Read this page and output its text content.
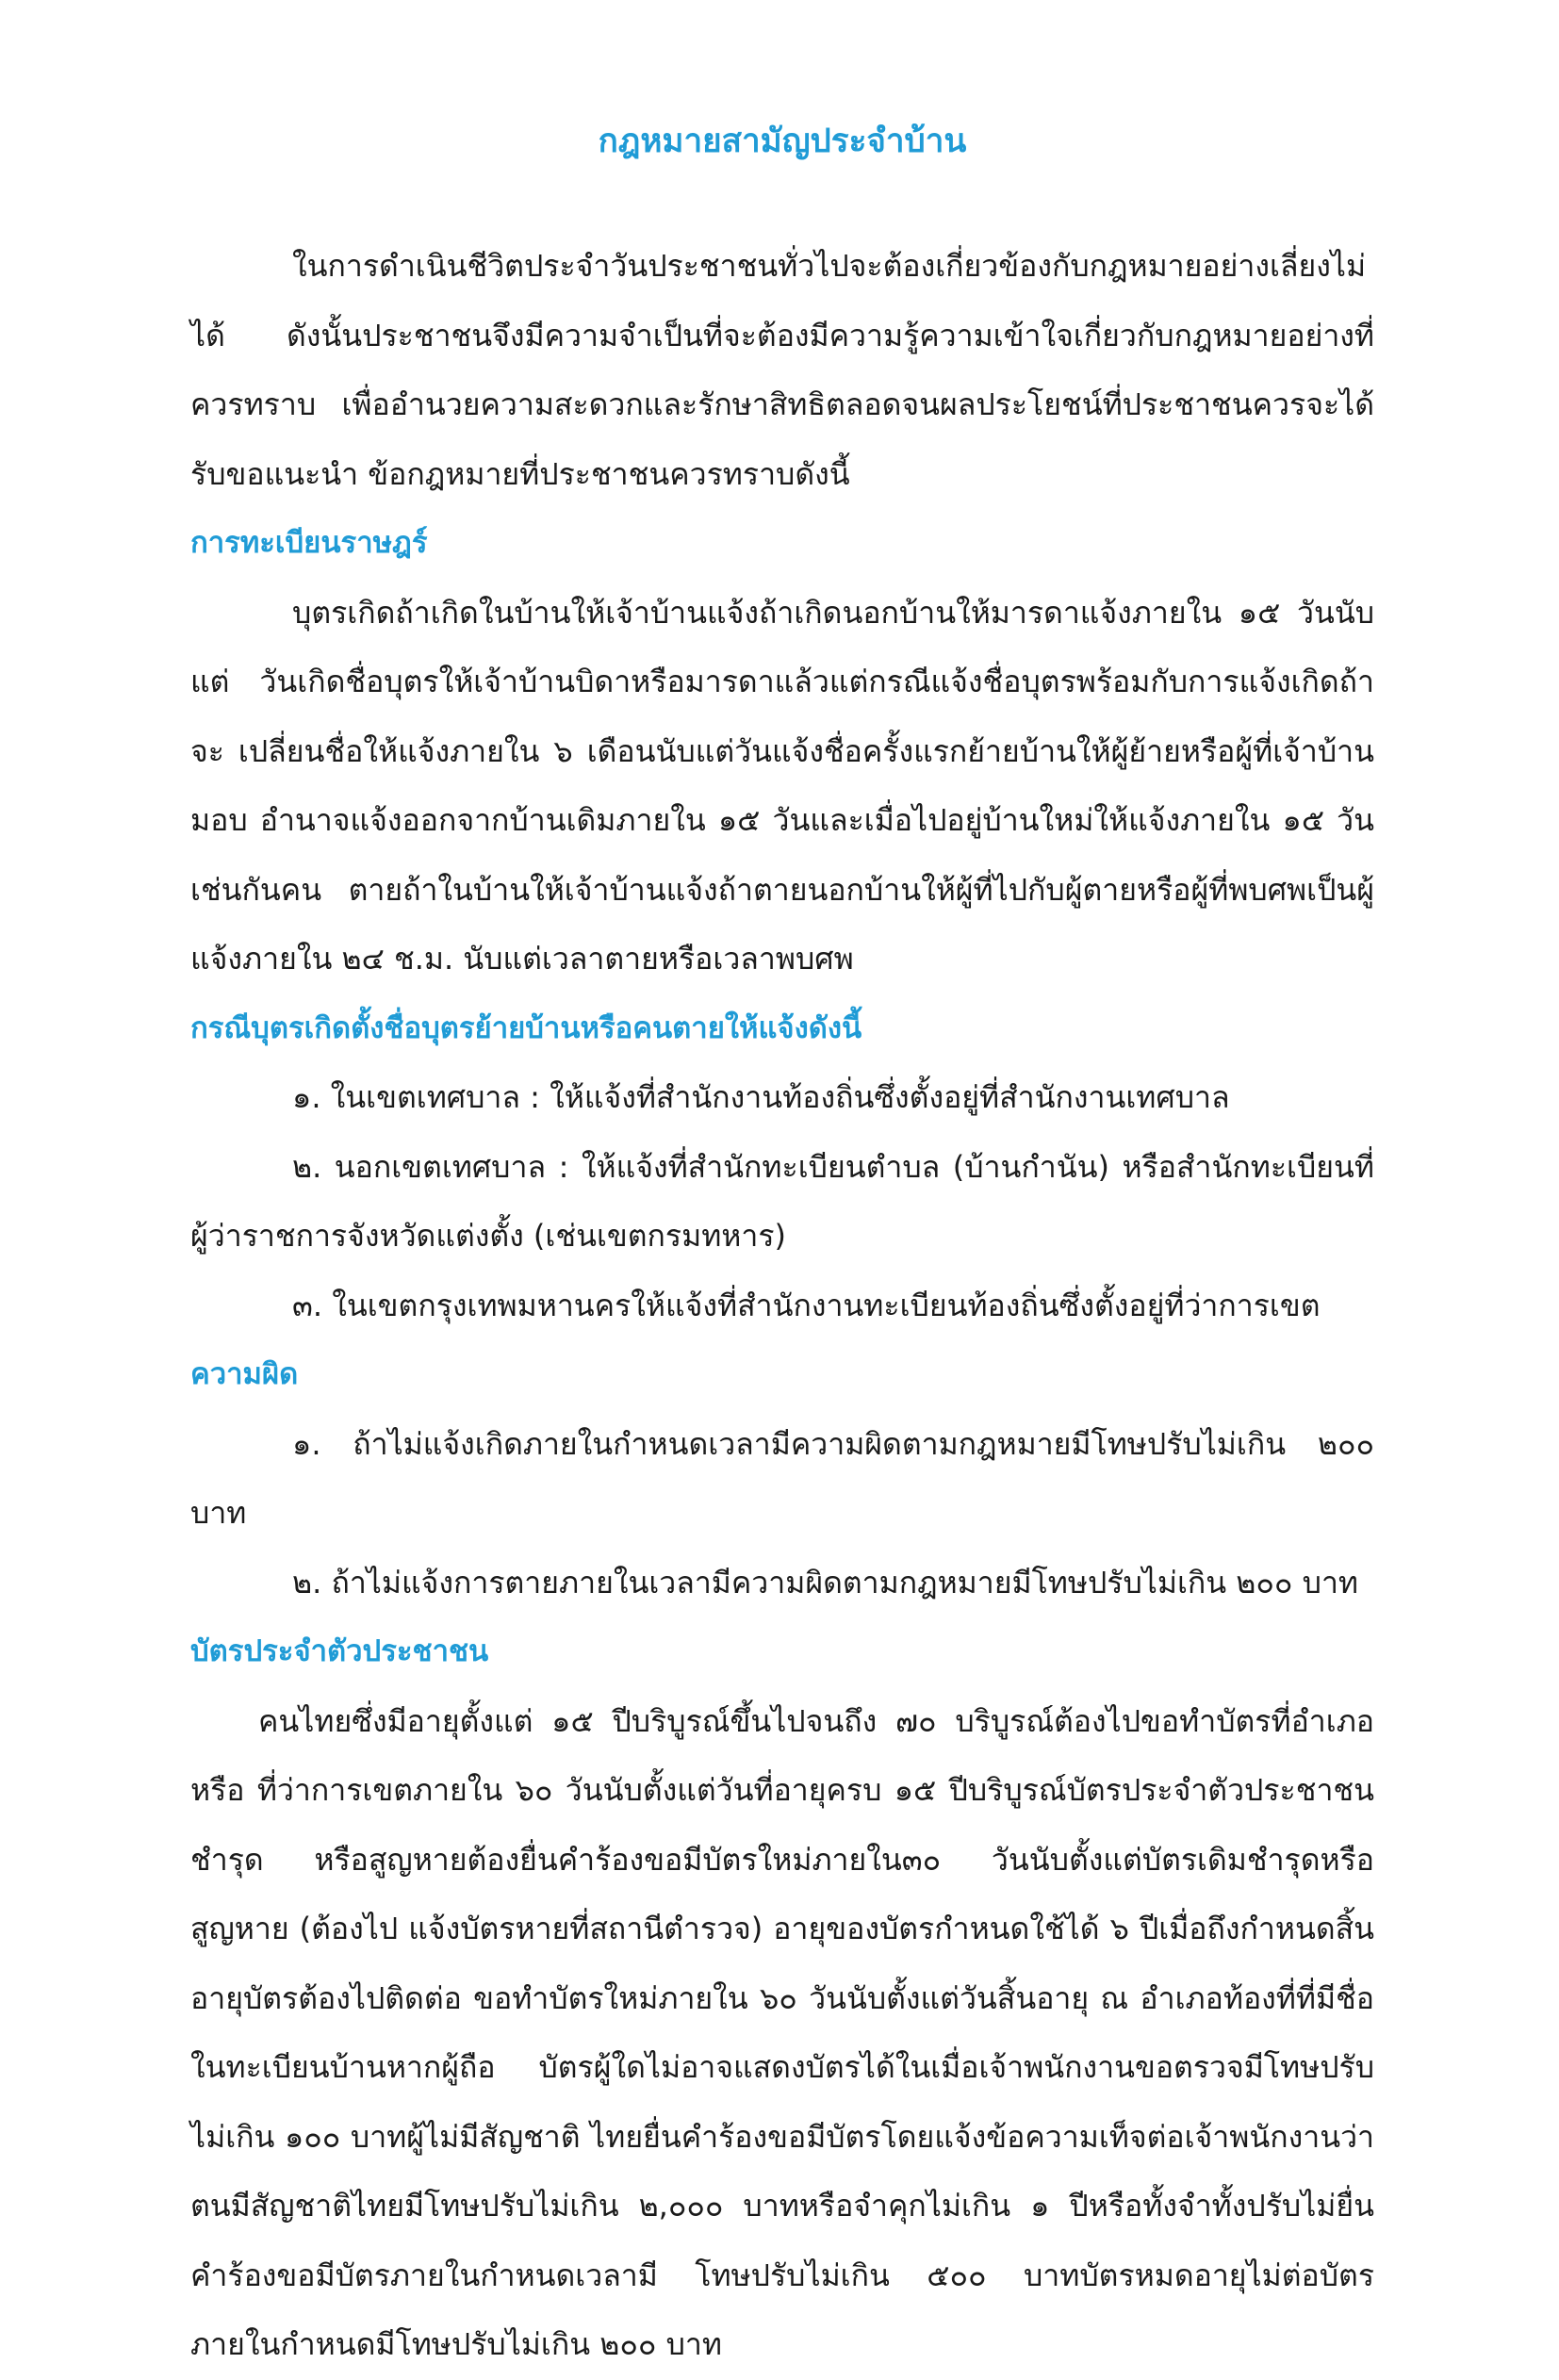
กฎหมายสามัญประจำบ้าน

ในการดำเนินชีวิตประจำวันประชาชนทั่วไปจะต้องเกี่ยวข้องกับกฎหมายอย่างเลี่ยงไม่ได้ ดังนั้นประชาชนจึงมีความจำเป็นที่จะต้องมีความรู้ความเข้าใจเกี่ยวกับกฎหมายอย่างที่ควรทราบ เพื่ออำนวยความสะดวกและรักษาสิทธิตลอดจนผลประโยชน์ที่ประชาชนควรจะได้รับขอแนะนำ ข้อกฎหมายที่ประชาชนควรทราบดังนี้

การทะเบียนราษฎร์

บุตรเกิดถ้าเกิดในบ้านให้เจ้าบ้านแจ้งถ้าเกิดนอกบ้านให้มารดาแจ้งภายใน ๑๕ วันนับแต่ วันเกิดชื่อบุตรให้เจ้าบ้านบิดาหรือมารดาแล้วแต่กรณีแจ้งชื่อบุตรพร้อมกับการแจ้งเกิดถ้าจะ เปลี่ยนชื่อให้แจ้งภายใน ๖ เดือนนับแต่วันแจ้งชื่อครั้งแรกย้ายบ้านให้ผู้ย้ายหรือผู้ที่เจ้าบ้านมอบ อำนาจแจ้งออกจากบ้านเดิมภายใน ๑๕ วันและเมื่อไปอยู่บ้านใหม่ให้แจ้งภายใน ๑๕ วันเช่นกันคน ตายถ้าในบ้านให้เจ้าบ้านแจ้งถ้าตายนอกบ้านให้ผู้ที่ไปกับผู้ตายหรือผู้ที่พบศพเป็นผู้แจ้งภายใน ๒๔ ช.ม. นับแต่เวลาตายหรือเวลาพบศพ

กรณีบุตรเกิดตั้งชื่อบุตรย้ายบ้านหรือคนตายให้แจ้งดังนี้

๑. ในเขตเทศบาล : ให้แจ้งที่สำนักงานท้องถิ่นซึ่งตั้งอยู่ที่สำนักงานเทศบาล

๒. นอกเขตเทศบาล : ให้แจ้งที่สำนักทะเบียนตำบล (บ้านกำนัน) หรือสำนักทะเบียนที่ ผู้ว่าราชการจังหวัดแต่งตั้ง (เช่นเขตกรมทหาร)

๓. ในเขตกรุงเทพมหานครให้แจ้งที่สำนักงานทะเบียนท้องถิ่นซึ่งตั้งอยู่ที่ว่าการเขต

ความผิด

๑. ถ้าไม่แจ้งเกิดภายในกำหนดเวลามีความผิดตามกฎหมายมีโทษปรับไม่เกิน ๒๐๐ บาท

๒. ถ้าไม่แจ้งการตายภายในเวลามีความผิดตามกฎหมายมีโทษปรับไม่เกิน ๒๐๐ บาท

บัตรประจำตัวประชาชน

คนไทยซึ่งมีอายุตั้งแต่ ๑๕ ปีบริบูรณ์ขึ้นไปจนถึง ๗๐ บริบูรณ์ต้องไปขอทำบัตรที่อำเภอหรือ ที่ว่าการเขตภายใน ๖๐ วันนับตั้งแต่วันที่อายุครบ ๑๕ ปีบริบูรณ์บัตรประจำตัวประชาชนชำรุด หรือสูญหายต้องยื่นคำร้องขอมีบัตรใหม่ภายใน๓๐ วันนับตั้งแต่บัตรเดิมชำรุดหรือสูญหาย (ต้องไป แจ้งบัตรหายที่สถานีตำรวจ) อายุของบัตรกำหนดใช้ได้ ๖ ปีเมื่อถึงกำหนดสิ้นอายุบัตรต้องไปติดต่อ ขอทำบัตรใหม่ภายใน ๖๐ วันนับตั้งแต่วันสิ้นอายุ ณ อำเภอท้องที่ที่มีชื่อในทะเบียนบ้านหากผู้ถือ บัตรผู้ใดไม่อาจแสดงบัตรได้ในเมื่อเจ้าพนักงานขอตรวจมีโทษปรับไม่เกิน ๑๐๐ บาทผู้ไม่มีสัญชาติ ไทยยื่นคำร้องขอมีบัตรโดยแจ้งข้อความเท็จต่อเจ้าพนักงานว่าตนมีสัญชาติไทยมีโทษปรับไม่เกิน ๒,๐๐๐ บาทหรือจำคุกไม่เกิน ๑ ปีหรือทั้งจำทั้งปรับไม่ยื่นคำร้องขอมีบัตรภายในกำหนดเวลามี โทษปรับไม่เกิน ๕๐๐ บาทบัตรหมดอายุไม่ต่อบัตรภายในกำหนดมีโทษปรับไม่เกิน ๒๐๐ บาท
